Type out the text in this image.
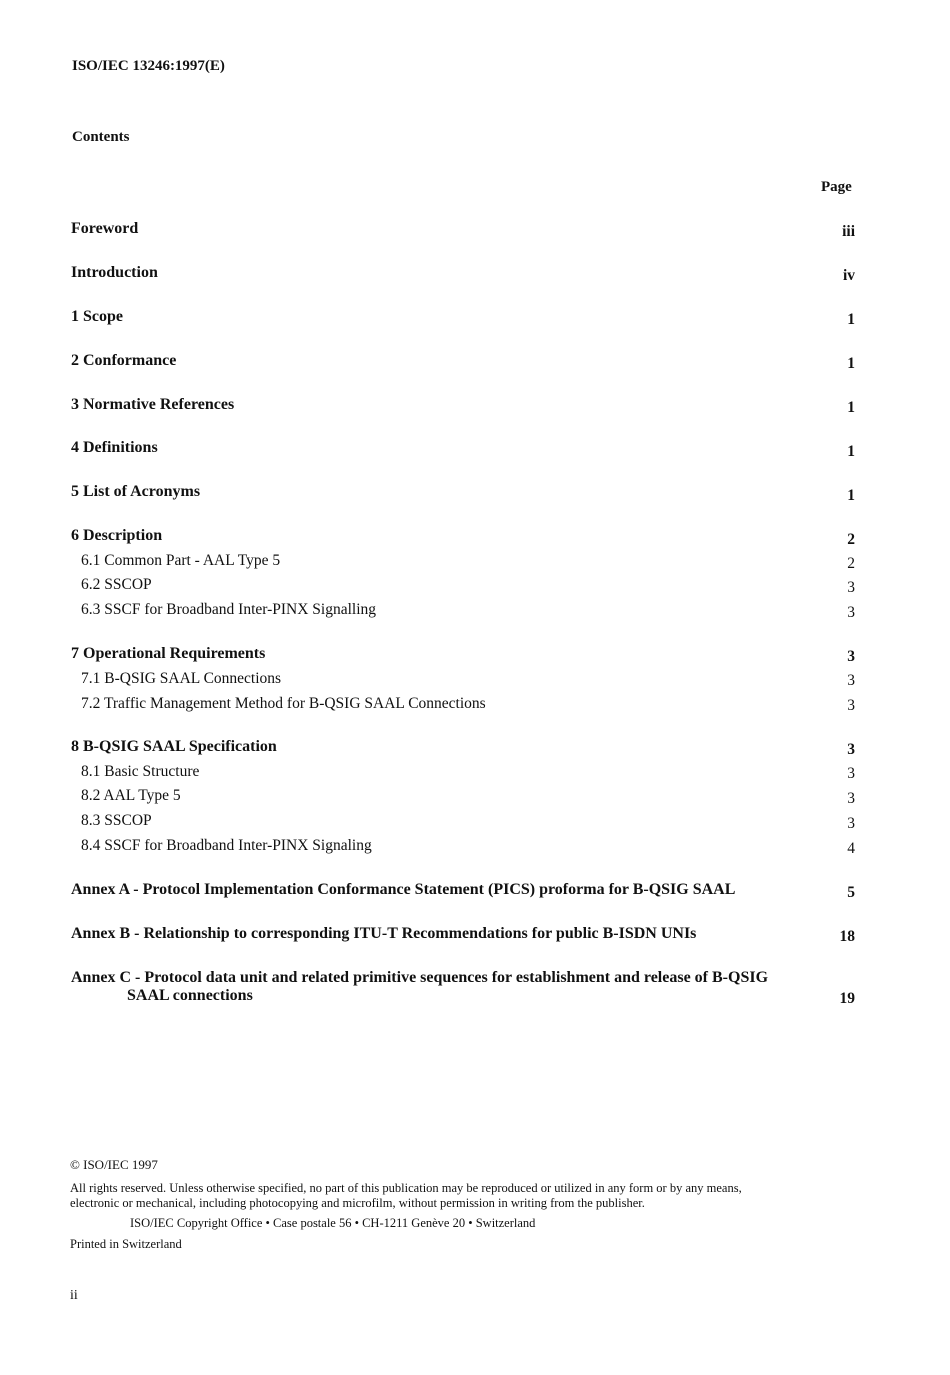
ISO/IEC 13246:1997(E)
Contents
Page
Foreword	iii
Introduction	iv
1 Scope	1
2 Conformance	1
3 Normative References	1
4 Definitions	1
5 List of Acronyms	1
6 Description	2
6.1 Common Part - AAL Type 5	2
6.2 SSCOP	3
6.3 SSCF for Broadband Inter-PINX Signalling	3
7 Operational Requirements	3
7.1 B-QSIG SAAL Connections	3
7.2 Traffic Management Method for B-QSIG SAAL Connections	3
8 B-QSIG SAAL Specification	3
8.1 Basic Structure	3
8.2 AAL Type 5	3
8.3 SSCOP	3
8.4 SSCF for Broadband Inter-PINX Signaling	4
Annex A - Protocol Implementation Conformance Statement (PICS) proforma for B-QSIG SAAL	5
Annex B - Relationship to corresponding ITU-T Recommendations for public B-ISDN UNIs	18
Annex C - Protocol data unit and related primitive sequences for establishment and release of B-QSIG
SAAL connections	19
© ISO/IEC 1997
All rights reserved. Unless otherwise specified, no part of this publication may be reproduced or utilized in any form or by any means,
electronic or mechanical, including photocopying and microfilm, without permission in writing from the publisher.
ISO/IEC Copyright Office • Case postale 56 • CH-1211 Genève 20 • Switzerland
Printed in Switzerland
ii
